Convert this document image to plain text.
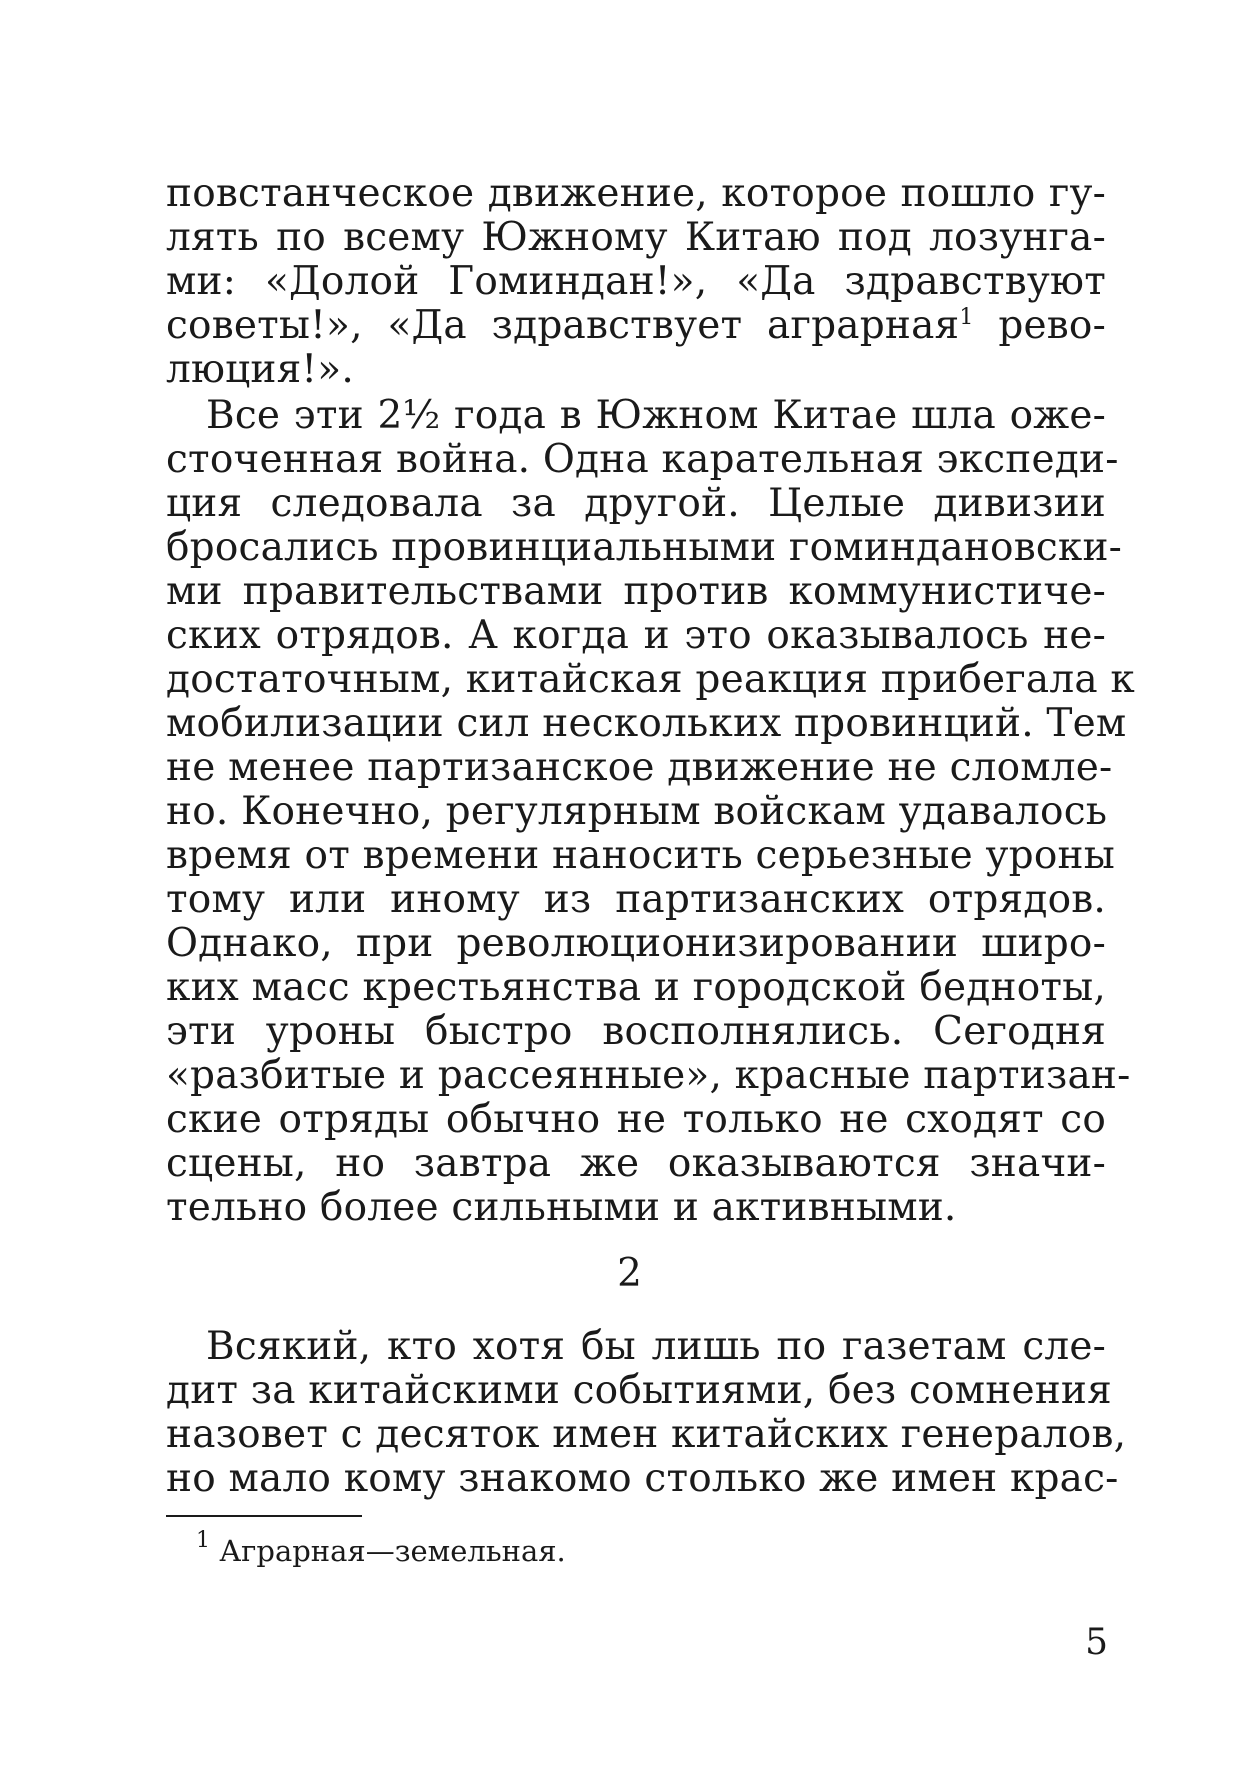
повстанческое движение, которое пошло гу-
лять по всему Южному Китаю под лозунга-
ми: «Долой Гоминдан!», «Да здравствуют
советы!», «Да здравствует аграрная$^1$ ревo-
люция!».
Все эти 2½ года в Южном Китае шла оже-
сточенная война. Одна карательная экспеди-
ция следовала за другой. Целые дивизии
бросались провинциальными гоминдановски-
ми правительствами против коммунистиче-
ских отрядов. А когда и это оказывалось не-
достаточным, китайская реакция прибегала к
мобилизации сил нескольких провинций. Тем
не менее партизанское движение не сломле-
но. Конечно, регулярным войскам удавалось
время от времени наносить серьезные уроны
тому или иному из партизанских отрядов.
Однако, при революционизировании широ-
ких масс крестьянства и городской бедноты,
эти уроны быстро восполнялись. Сегодня
«разбитые и рассеянные», красные партизан-
ские отряды обычно не только не сходят со
сцены, но завтра же оказываются значи-
тельно более сильными и активными.
2
Всякий, кто хотя бы лишь по газетам сле-
дит за китайскими событиями, без сомнения
назовет с десяток имен китайских генералов,
но мало кому знакомо столько же имен крас-
$^1$ Аграрная—земельная.
5
